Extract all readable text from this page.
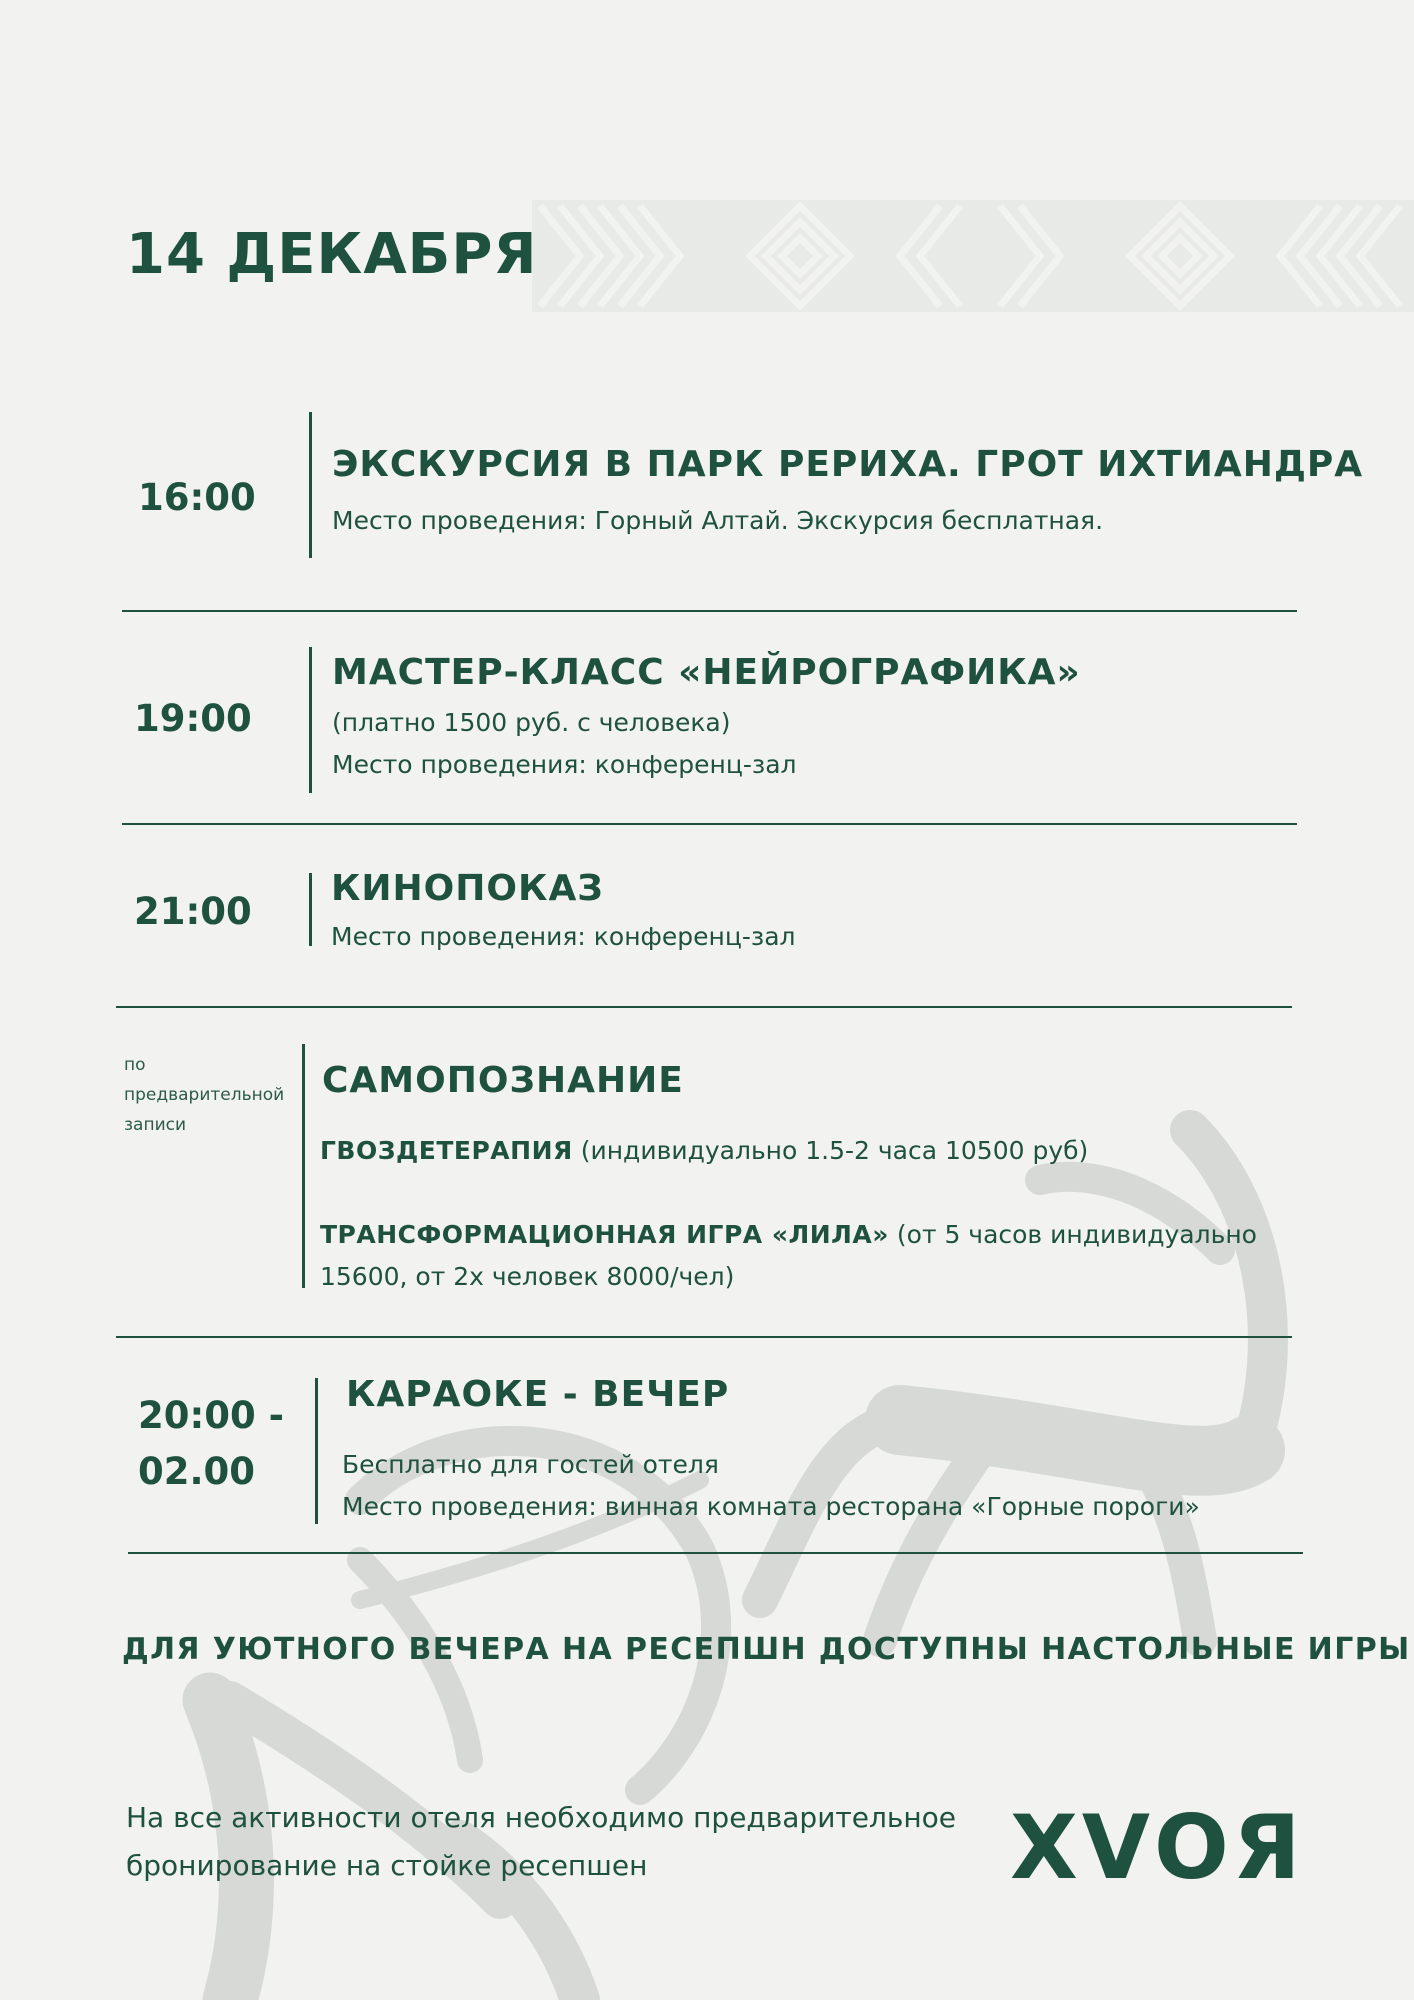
14 ДЕКАБРЯ
16:00
ЭКСКУРСИЯ В ПАРК РЕРИХА. ГРОТ ИХТИАНДРА
Место проведения: Горный Алтай. Экскурсия бесплатная.
19:00
МАСТЕР-КЛАСС «НЕЙРОГРАФИКА»
(платно 1500 руб. с человека)
Место проведения: конференц-зал
21:00
КИНОПОКАЗ
Место проведения: конференц-зал
по
предварительной
записи
САМОПОЗНАНИЕ
ГВОЗДЕТЕРАПИЯ (индивидуально 1.5-2 часа 10500 руб)
ТРАНСФОРМАЦИОННАЯ ИГРА «ЛИЛА» (от 5 часов индивидуально
15600, от 2х человек 8000/чел)
20:00 -
02.00
КАРАОКЕ - ВЕЧЕР
Бесплатно для гостей отеля
Место проведения: винная комната ресторана «Горные пороги»
ДЛЯ УЮТНОГО ВЕЧЕРА НА РЕСЕПШН ДОСТУПНЫ НАСТОЛЬНЫЕ ИГРЫ
На все активности отеля необходимо предварительное
бронирование на стойке ресепшен	ХVОЯ
